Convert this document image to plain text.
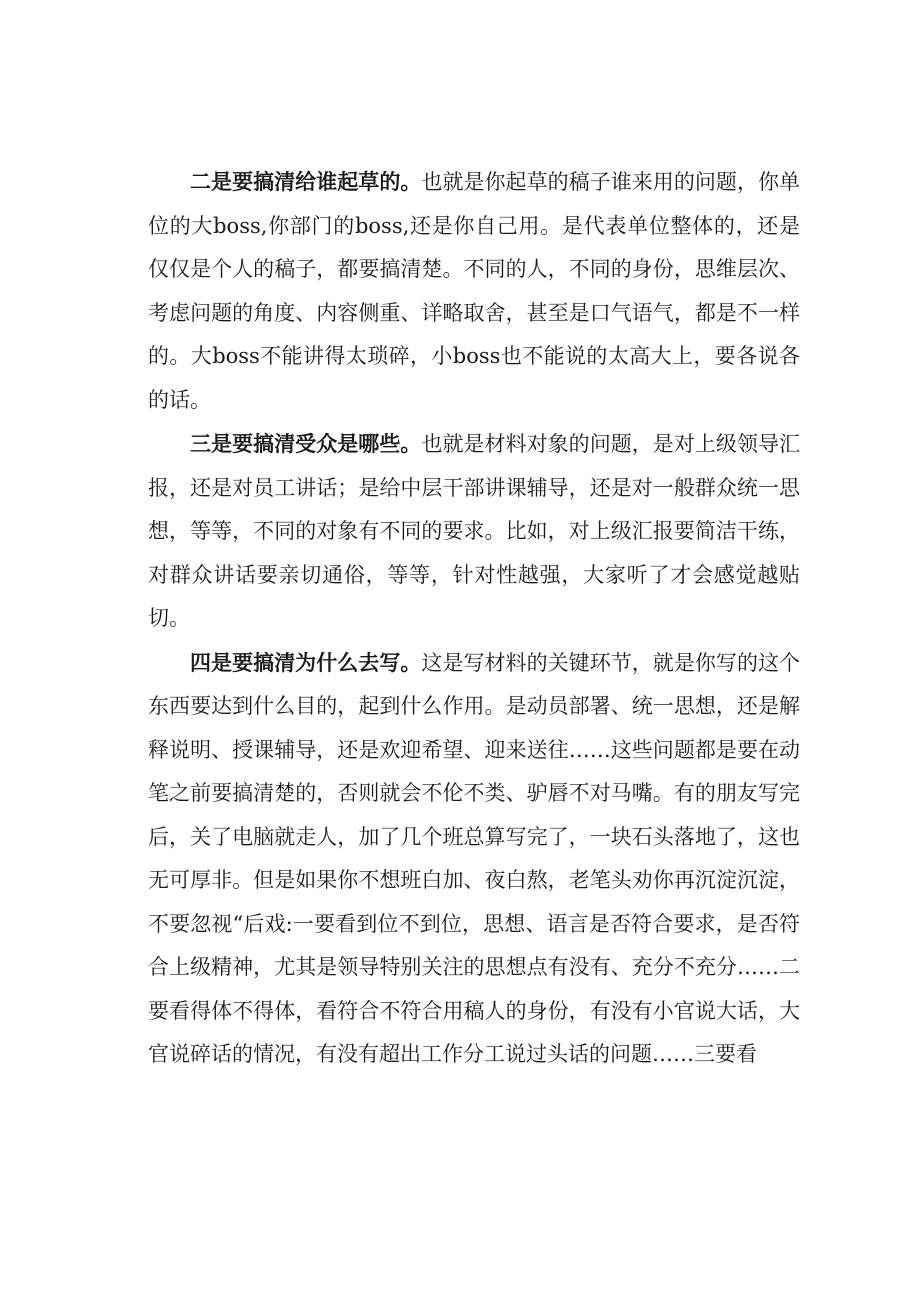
二是要搞清给谁起草的。也就是你起草的稿子谁来用的问题，你单位的大boss,你部门的boss,还是你自己用。是代表单位整体的，还是仅仅是个人的稿子，都要搞清楚。不同的人，不同的身份，思维层次、考虑问题的角度、内容侧重、详略取舍，甚至是口气语气，都是不一样的。大boss不能讲得太琐碎，小boss也不能说的太高大上，要各说各的话。

三是要搞清受众是哪些。也就是材料对象的问题，是对上级领导汇报，还是对员工讲话；是给中层干部讲课辅导，还是对一般群众统一思想，等等，不同的对象有不同的要求。比如，对上级汇报要简洁干练，对群众讲话要亲切通俗，等等，针对性越强，大家听了才会感觉越贴切。

四是要搞清为什么去写。这是写材料的关键环节，就是你写的这个东西要达到什么目的，起到什么作用。是动员部署、统一思想，还是解释说明、授课辅导，还是欢迎希望、迎来送往……这些问题都是要在动笔之前要搞清楚的，否则就会不伦不类、驴唇不对马嘴。有的朋友写完后，关了电脑就走人，加了几个班总算写完了，一块石头落地了，这也无可厚非。但是如果你不想班白加、夜白熬，老笔头劝你再沉淀沉淀，不要忽视“后戏:一要看到位不到位，思想、语言是否符合要求，是否符合上级精神，尤其是领导特别关注的思想点有没有、充分不充分……二要看得体不得体，看符合不符合用稿人的身份，有没有小官说大话，大官说碎话的情况，有没有超出工作分工说过头话的问题……三要看
